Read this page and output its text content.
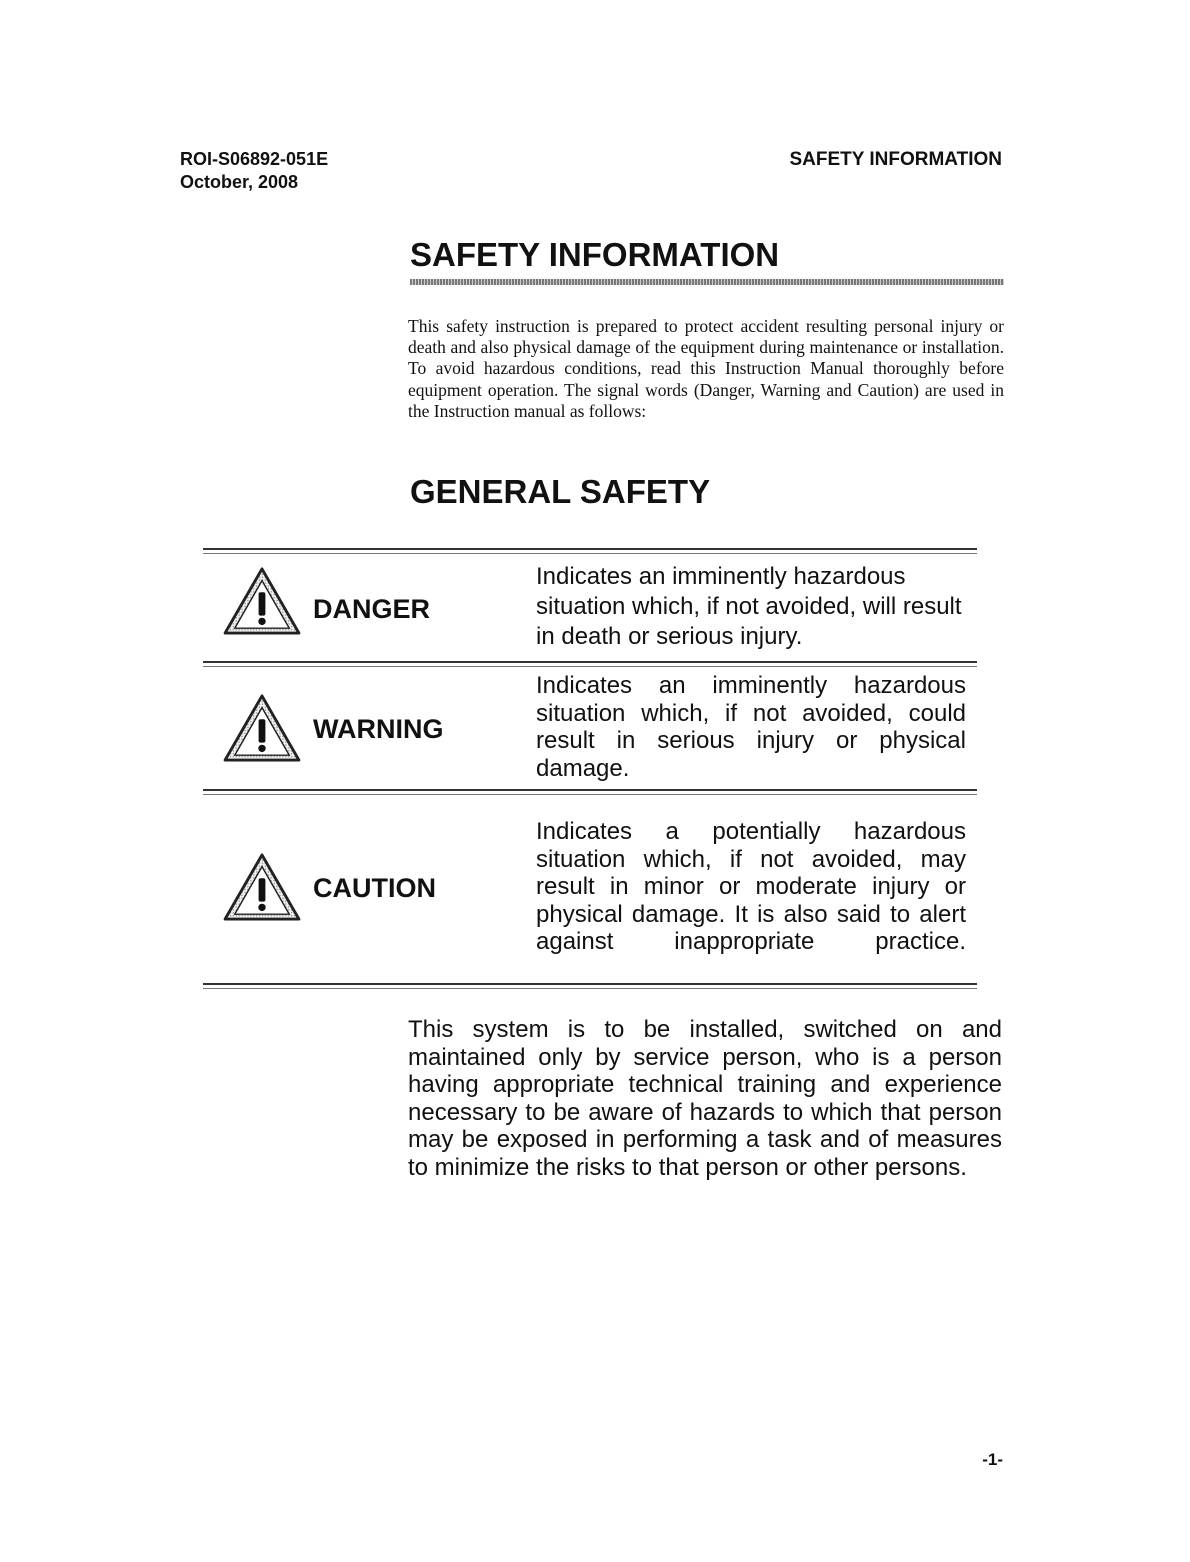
ROI-S06892-051E
October, 2008
SAFETY INFORMATION
SAFETY INFORMATION
This safety instruction is prepared to protect accident resulting personal injury or death and also physical damage of the equipment during maintenance or installation. To avoid hazardous conditions, read this Instruction Manual thoroughly before equipment operation. The signal words (Danger, Warning and Caution) are used in the Instruction manual as follows:
GENERAL SAFETY
DANGER
Indicates an imminently hazardous situation which, if not avoided, will result in death or serious injury.
WARNING
Indicates an imminently hazardous situation which, if not avoided, could result in serious injury or physical damage.
CAUTION
Indicates a potentially hazardous situation which, if not avoided, may result in minor or moderate injury or physical damage. It is also said to alert against inappropriate practice.
This system is to be installed, switched on and maintained only by service person, who is a person having appropriate technical training and experience necessary to be aware of hazards to which that person may be exposed in performing a task and of measures to minimize the risks to that person or other persons.
-1-
